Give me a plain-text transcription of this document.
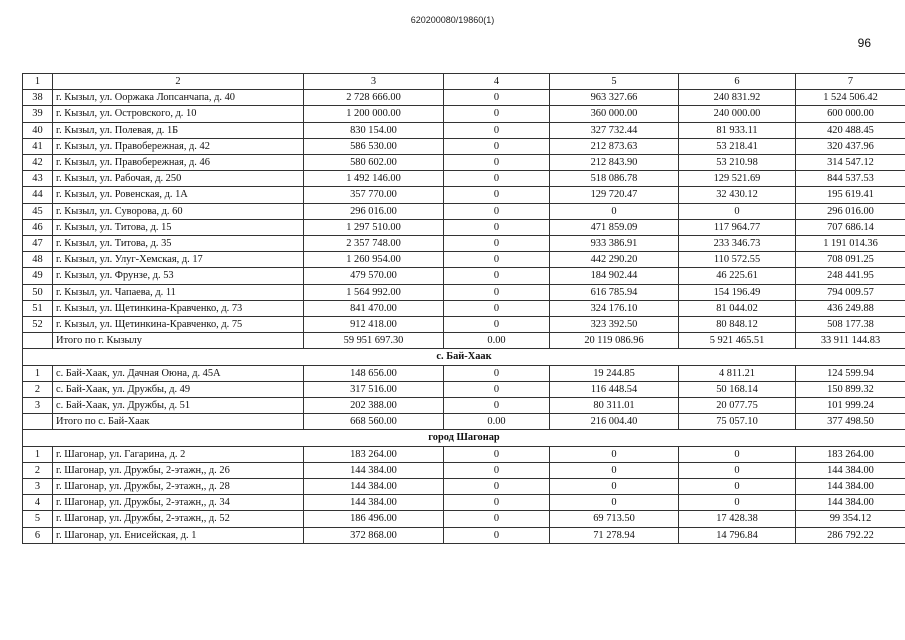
620200080/19860(1)
96
1	2	3	4	5	6	7
38	г. Кызыл, ул. Ооржака Лопсанчапа, д. 40	2 728 666.00	0	963 327.66	240 831.92	1 524 506.42
39	г. Кызыл, ул. Островского, д. 10	1 200 000.00	0	360 000.00	240 000.00	600 000.00
40	г. Кызыл, ул. Полевая, д. 1Б	830 154.00	0	327 732.44	81 933.11	420 488.45
41	г. Кызыл, ул. Правобережная, д. 42	586 530.00	0	212 873.63	53 218.41	320 437.96
42	г. Кызыл, ул. Правобережная, д. 46	580 602.00	0	212 843.90	53 210.98	314 547.12
43	г. Кызыл, ул. Рабочая, д. 250	1 492 146.00	0	518 086.78	129 521.69	844 537.53
44	г. Кызыл, ул. Ровенская, д. 1А	357 770.00	0	129 720.47	32 430.12	195 619.41
45	г. Кызыл, ул. Суворова, д. 60	296 016.00	0	0	0	296 016.00
46	г. Кызыл, ул. Титова, д. 15	1 297 510.00	0	471 859.09	117 964.77	707 686.14
47	г. Кызыл, ул. Титова, д. 35	2 357 748.00	0	933 386.91	233 346.73	1 191 014.36
48	г. Кызыл, ул. Улуг-Хемская, д. 17	1 260 954.00	0	442 290.20	110 572.55	708 091.25
49	г. Кызыл, ул. Фрунзе, д. 53	479 570.00	0	184 902.44	46 225.61	248 441.95
50	г. Кызыл, ул. Чапаева, д. 11	1 564 992.00	0	616 785.94	154 196.49	794 009.57
51	г. Кызыл, ул. Щетинкина-Кравченко, д. 73	841 470.00	0	324 176.10	81 044.02	436 249.88
52	г. Кызыл, ул. Щетинкина-Кравченко, д. 75	912 418.00	0	323 392.50	80 848.12	508 177.38
	Итого по г. Кызылу	59 951 697.30	0.00	20 119 086.96	5 921 465.51	33 911 144.83
с. Бай-Хаак						
1	с. Бай-Хаак, ул. Дачная Оюна, д. 45А	148 656.00	0	19 244.85	4 811.21	124 599.94
2	с. Бай-Хаак, ул. Дружбы, д. 49	317 516.00	0	116 448.54	50 168.14	150 899.32
3	с. Бай-Хаак, ул. Дружбы, д. 51	202 388.00	0	80 311.01	20 077.75	101 999.24
	Итого по с. Бай-Хаак	668 560.00	0.00	216 004.40	75 057.10	377 498.50
город Шагонар						
1	г. Шагонар, ул. Гагарина, д. 2	183 264.00	0	0	0	183 264.00
2	г. Шагонар, ул. Дружбы, 2-этажн,, д. 26	144 384.00	0	0	0	144 384.00
3	г. Шагонар, ул. Дружбы, 2-этажн,, д. 28	144 384.00	0	0	0	144 384.00
4	г. Шагонар, ул. Дружбы, 2-этажн,, д. 34	144 384.00	0	0	0	144 384.00
5	г. Шагонар, ул. Дружбы, 2-этажн,, д. 52	186 496.00	0	69 713.50	17 428.38	99 354.12
6	г. Шагонар, ул. Енисейская, д. 1	372 868.00	0	71 278.94	14 796.84	286 792.22
